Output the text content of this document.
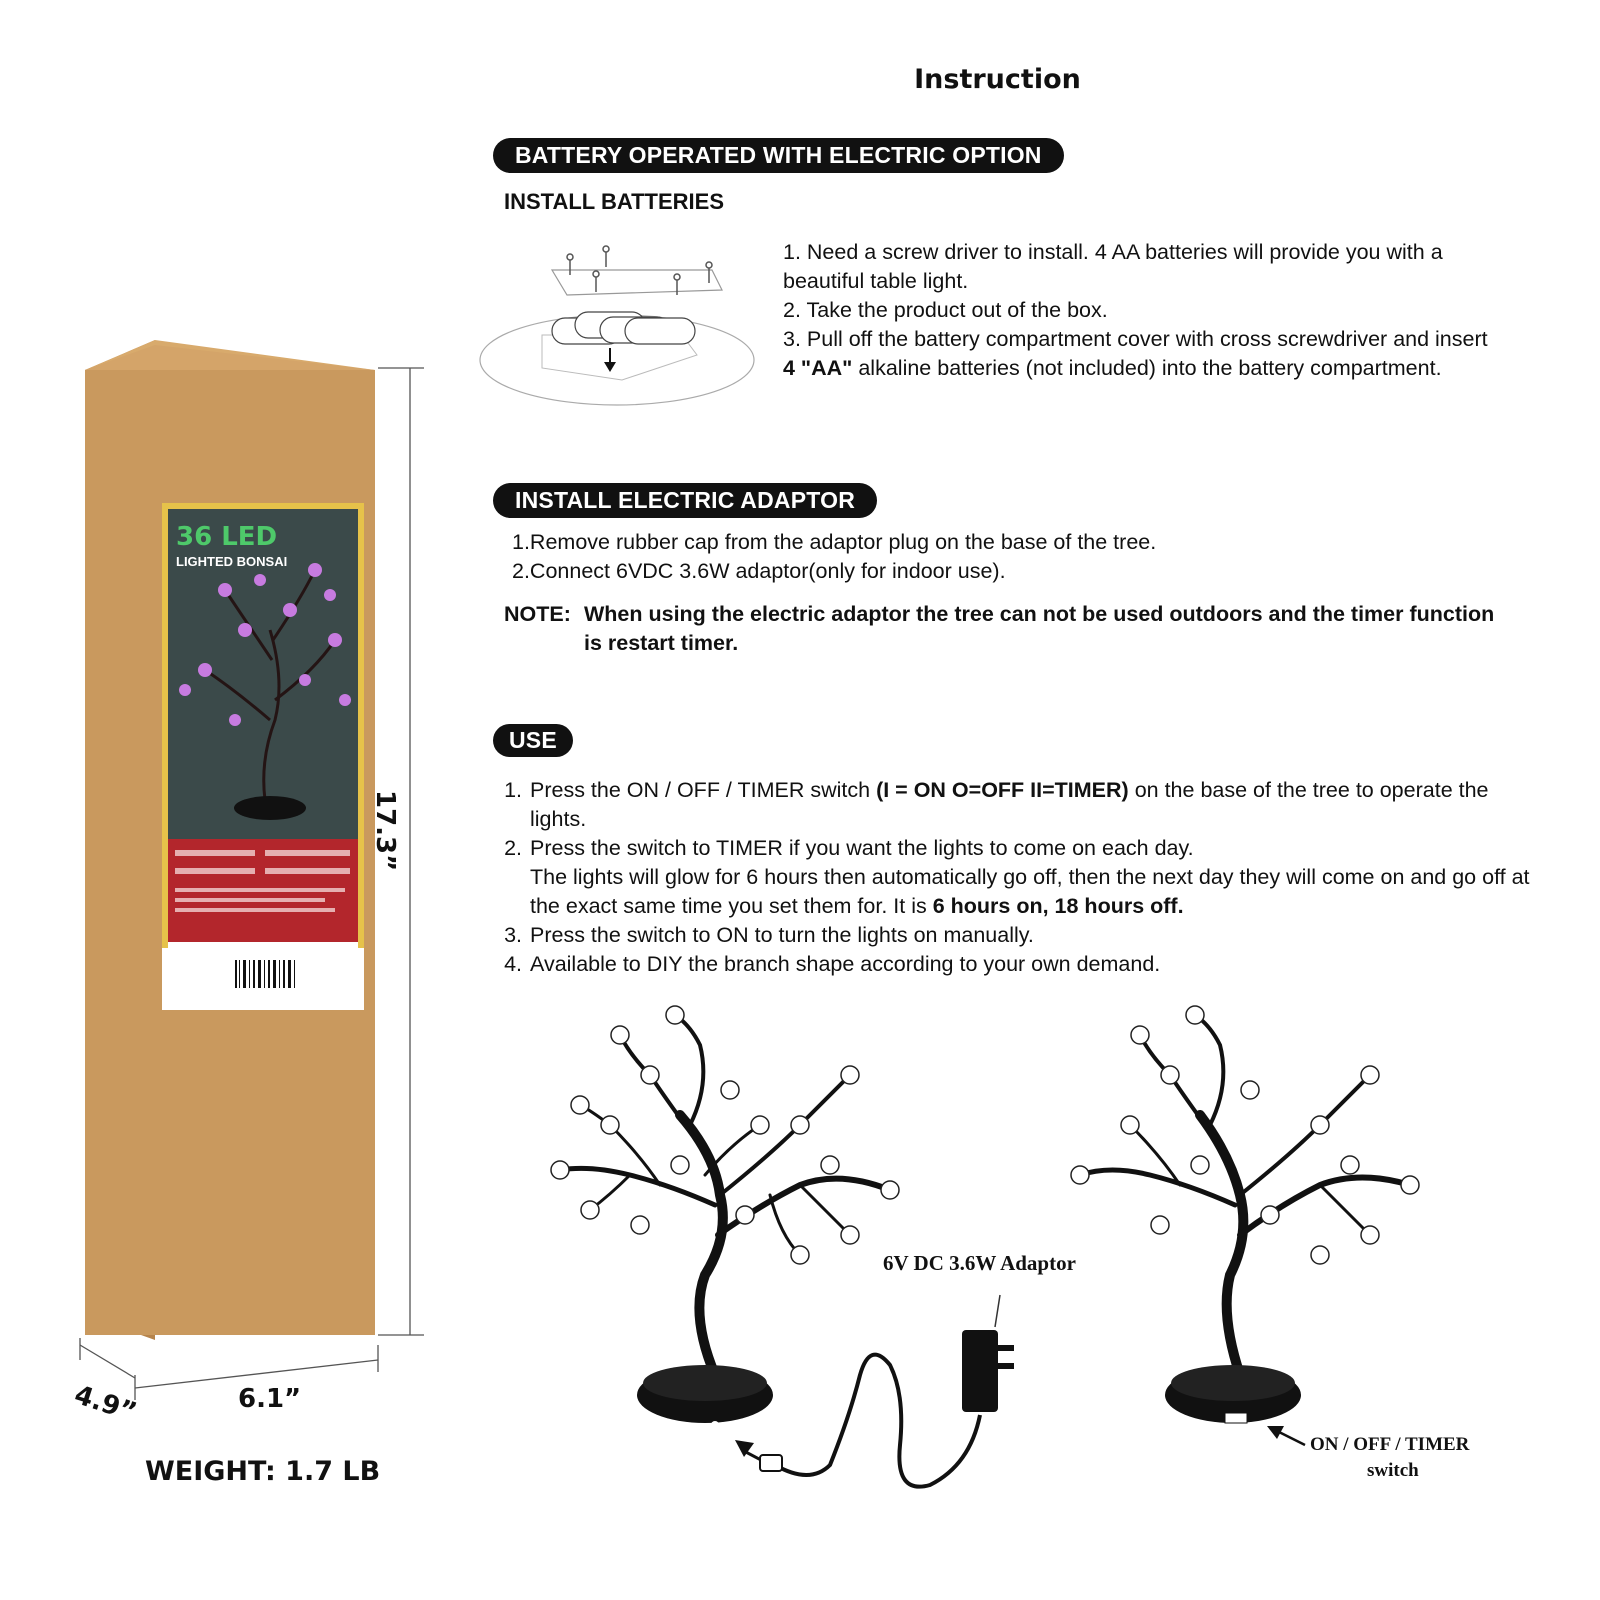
Instruction
BATTERY OPERATED WITH ELECTRIC OPTION
INSTALL BATTERIES
1. Need a screw driver to install. 4 AA batteries will provide you with a beautiful table light.
2. Take the product out of the box.
3. Pull off the battery compartment cover with cross screwdriver and insert 4 "AA" alkaline batteries (not included) into the battery compartment.
INSTALL ELECTRIC ADAPTOR
1.Remove rubber cap from the adaptor plug on the base of the tree.
2.Connect 6VDC 3.6W adaptor(only for indoor use).
NOTE: When using the electric adaptor the tree can not be used outdoors and the timer function is restart timer.
USE
1. Press the ON / OFF / TIMER switch (I = ON O=OFF II=TIMER) on the base of the tree to operate the lights.
2. Press the switch to TIMER if you want the lights to come on each day.
The lights will glow for 6 hours then automatically go off, then the next day they will come on and go off at the exact same time you set them for. It is 6 hours on, 18 hours off.
3. Press the switch to ON to turn the lights on manually.
4. Available to DIY the branch shape according to your own demand.
36 LED
LIGHTED BONSAI
17.3”
6.1”
4.9”
WEIGHT: 1.7 LB
6V DC 3.6W Adaptor
ON / OFF / TIMER
switch
